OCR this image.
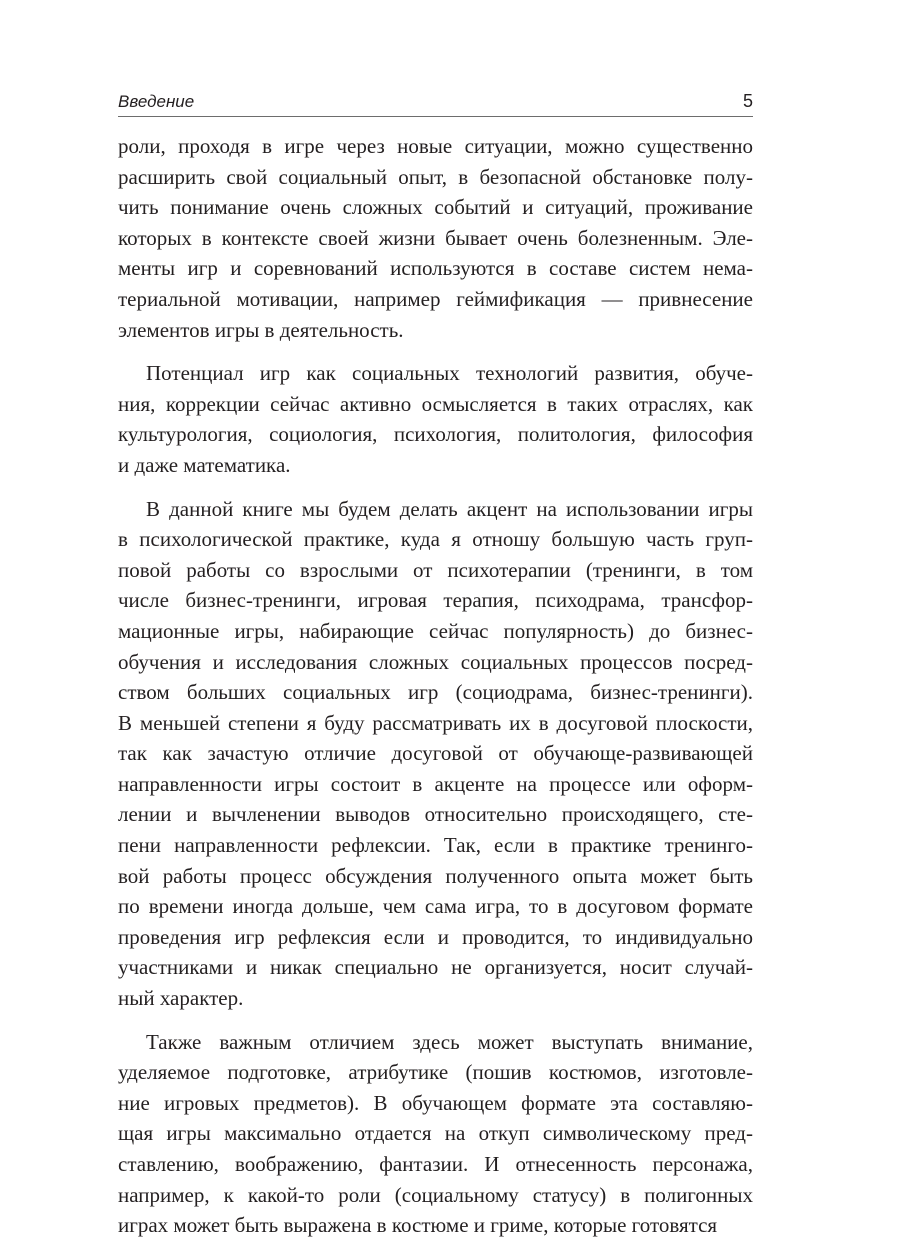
Введение	5

роли, проходя в игре через новые ситуации, можно существенно
расширить свой социальный опыт, в безопасной обстановке полу-
чить понимание очень сложных событий и ситуаций, проживание
которых в контексте своей жизни бывает очень болезненным. Эле-
менты игр и соревнований используются в составе систем нема-
териальной мотивации, например геймификация — привнесение
элементов игры в деятельность.

Потенциал игр как социальных технологий развития, обуче-
ния, коррекции сейчас активно осмысляется в таких отраслях, как
культурология, социология, психология, политология, философия
и даже математика.

В данной книге мы будем делать акцент на использовании игры
в психологической практике, куда я отношу большую часть груп-
повой работы со взрослыми от психотерапии (тренинги, в том
числе бизнес-тренинги, игровая терапия, психодрама, трансфор-
мационные игры, набирающие сейчас популярность) до бизнес-
обучения и исследования сложных социальных процессов посред-
ством больших социальных игр (социодрама, бизнес-тренинги).
В меньшей степени я буду рассматривать их в досуговой плоскости,
так как зачастую отличие досуговой от обучающе-развивающей
направленности игры состоит в акценте на процессе или оформ-
лении и вычленении выводов относительно происходящего, сте-
пени направленности рефлексии. Так, если в практике тренинго-
вой работы процесс обсуждения полученного опыта может быть
по времени иногда дольше, чем сама игра, то в досуговом формате
проведения игр рефлексия если и проводится, то индивидуально
участниками и никак специально не организуется, носит случай-
ный характер.

Также важным отличием здесь может выступать внимание,
уделяемое подготовке, атрибутике (пошив костюмов, изготовле-
ние игровых предметов). В обучающем формате эта составляю-
щая игры максимально отдается на откуп символическому пред-
ставлению, воображению, фантазии. И отнесенность персонажа,
например, к какой-то роли (социальному статусу) в полигонных
играх может быть выражена в костюме и гриме, которые готовятся
